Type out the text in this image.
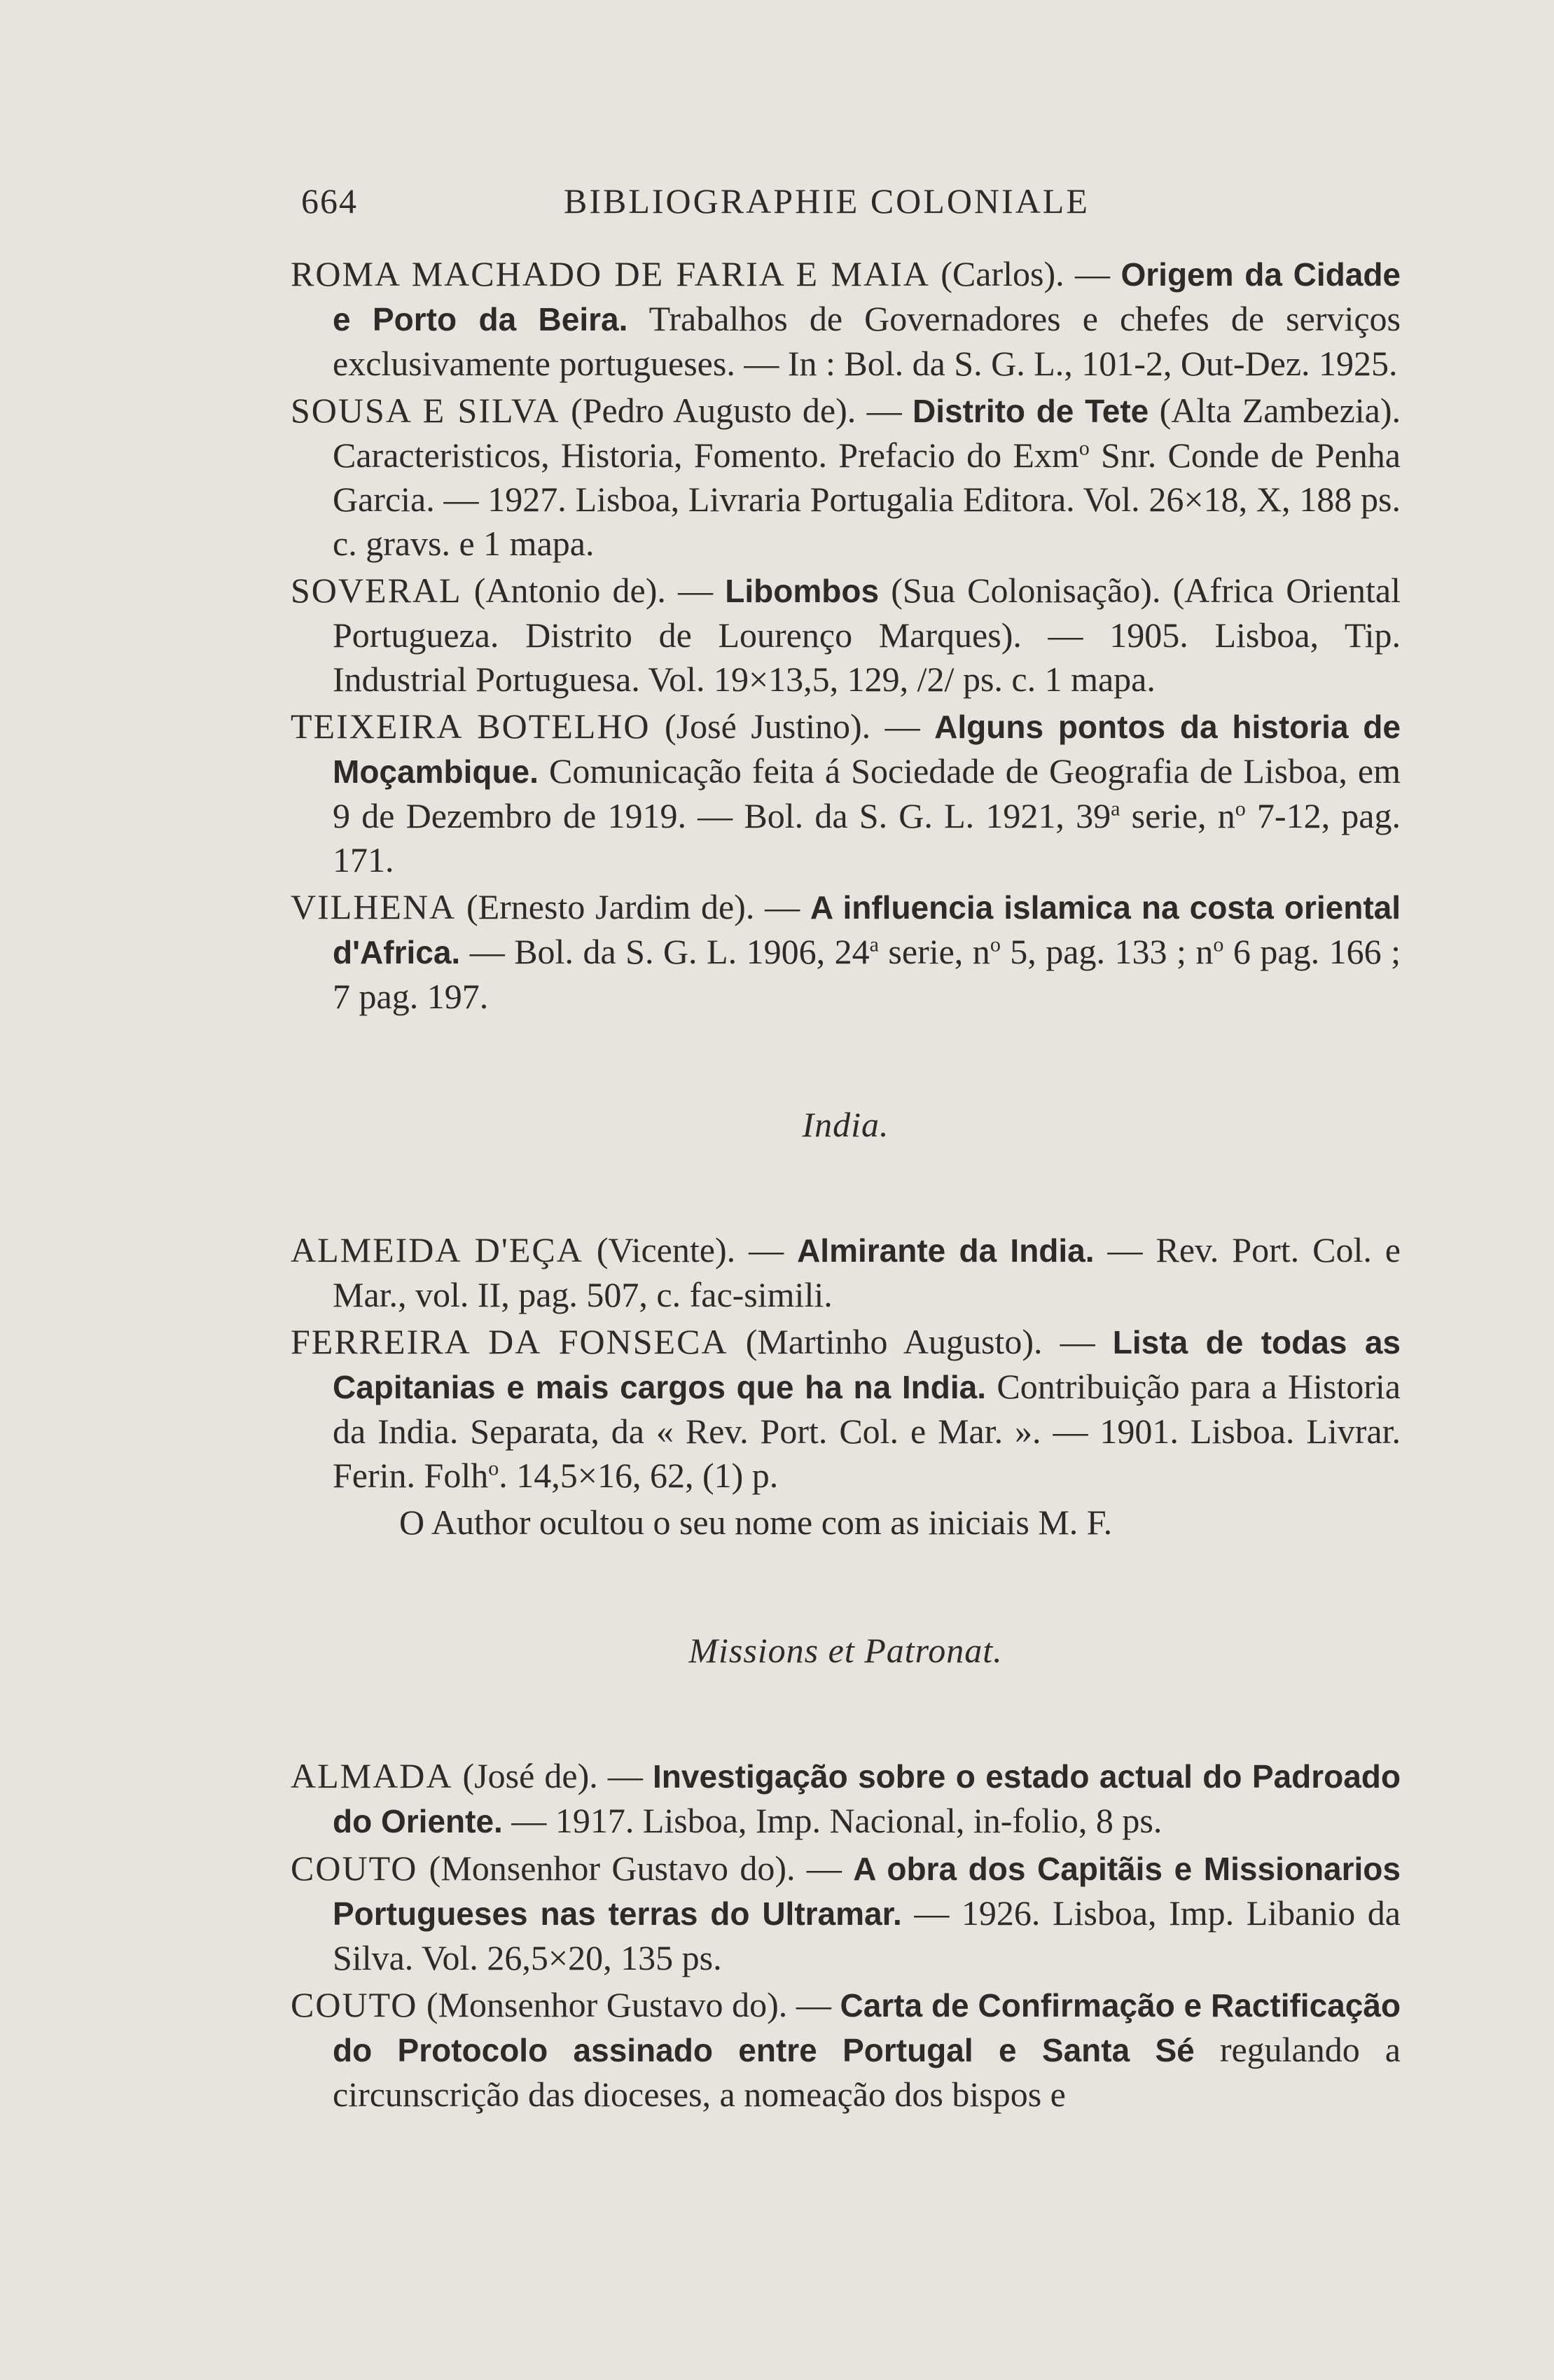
664	BIBLIOGRAPHIE COLONIALE

ROMA MACHADO DE FARIA E MAIA (Carlos). — Origem da Cidade e Porto da Beira. Trabalhos de Governadores e chefes de serviços exclusivamente portugueses. — In : Bol. da S. G. L., 101-2, Out-Dez. 1925.

SOUSA E SILVA (Pedro Augusto de). — Distrito de Tete (Alta Zambezia). Caracteristicos, Historia, Fomento. Prefacio do Exm$^o$ Snr. Conde de Penha Garcia. — 1927. Lisboa, Livraria Portugalia Editora. Vol. 26×18, X, 188 ps. c. gravs. e 1 mapa.

SOVERAL (Antonio de). — Libombos (Sua Colonisação). (Africa Oriental Portugueza. Distrito de Lourenço Marques). — 1905. Lisboa, Tip. Industrial Portuguesa. Vol. 19×13,5, 129, /2/ ps. c. 1 mapa.

TEIXEIRA BOTELHO (José Justino). — Alguns pontos da historia de Moçambique. Comunicação feita á Sociedade de Geografia de Lisboa, em 9 de Dezembro de 1919. — Bol. da S. G. L. 1921, 39$^a$ serie, $n^o$ 7-12, pag. 171.

VILHENA (Ernesto Jardim de). — A influencia islamica na costa oriental d'Africa. — Bol. da S. G. L. 1906, 24$^a$ serie, $n^o$ 5, pag. 133 ; $n^o$ 6 pag. 166 ; 7 pag. 197.

India.

ALMEIDA D'EÇA (Vicente). — Almirante da India. — Rev. Port. Col. e Mar., vol. II, pag. 507, c. fac-simili.

FERREIRA DA FONSECA (Martinho Augusto). — Lista de todas as Capitanias e mais cargos que ha na India. Contribuição para a Historia da India. Separata, da « Rev. Port. Col. e Mar. ». — 1901. Lisboa. Livrar. Ferin. Folh$^o$. 14,5×16, 62, (1) p.

O Author ocultou o seu nome com as iniciais M. F.

Missions et Patronat.

ALMADA (José de). — Investigação sobre o estado actual do Padroado do Oriente. — 1917. Lisboa, Imp. Nacional, in-folio, 8 ps.

COUTO (Monsenhor Gustavo do). — A obra dos Capitãis e Missionarios Portugueses nas terras do Ultramar. — 1926. Lisboa, Imp. Libanio da Silva. Vol. 26,5×20, 135 ps.

COUTO (Monsenhor Gustavo do). — Carta de Confirmação e Ractificação do Protocolo assinado entre Portugal e Santa Sé regulando a circunscrição das dioceses, a nomeação dos bispos e
